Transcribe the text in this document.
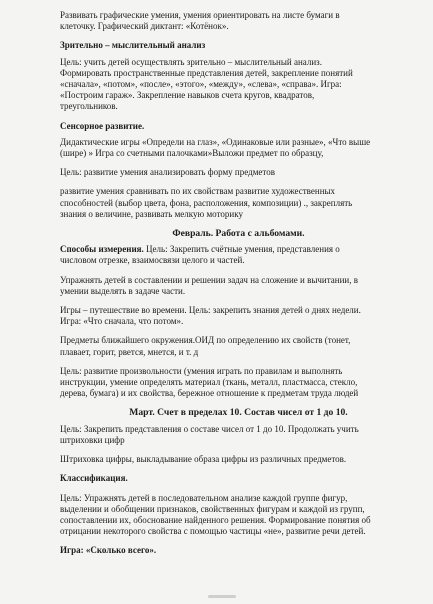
Развивать графические умения, умения ориентировать на листе бумаги в

клеточку. Графический диктант: «Котёнок».

Зрительно – мыслительный анализ

Цель: учить детей осуществлять зрительно – мыслительный анализ.

Формировать пространственные представления детей, закрепление понятий

«сначала», «потом», «после», «этого», «между», «слева», «справа». Игра:

«Построим гараж». Закрепление навыков счета кругов, квадратов,

треугольников.

Сенсорное развитие.

Дидактические игры «Определи на глаз», «Одинаковые или разные», «Что выше

(шире) » Игра со счетными палочками»Выложи предмет по образцу,

Цель: развитие умения анализировать форму предметов

развитие умения сравнивать по их свойствам развитие художественных

способностей (выбор цвета, фона, расположения, композиции) ., закреплять

знания о величине, развивать мелкую моторику

Февраль. Работа с альбомами.

Способы измерения. Цель: Закрепить счётные умения, представления о

числовом отрезке, взаимосвязи целого и частей.

Упражнять детей в составлении и решении задач на сложение и вычитании, в

умении выделять в задаче части.

Игры – путешествие во времени. Цель: закрепить знания детей о днях недели.

Игра: «Что сначала, что потом».

Предметы ближайшего окружения.ОИД по определению их свойств (тонет,

плавает, горит, рвется, мнется, и т. д

Цель: развитие произвольности (умения играть по правилам и выполнять

инструкции, умение определять материал (ткань, металл, пластмасса, стекло,

дерева, бумага) и их свойства, бережное отношение к предметам труда людей

Март. Счет в пределах 10. Состав чисел от 1 до 10.

Цель: Закрепить представления о составе чисел от 1 до 10. Продолжать учить

штриховки цифр

Штриховка цифры, выкладывание образа цифры из различных предметов.

Классификация.

Цель: Упражнять детей в последовательном анализе каждой группе фигур,

выделении и обобщении признаков, свойственных фигурам и каждой из групп,

сопоставлении их, обоснование найденного решения. Формирование понятия об

отрицании некоторого свойства с помощью частицы «не», развитие речи детей.

Игра: «Сколько всего».
